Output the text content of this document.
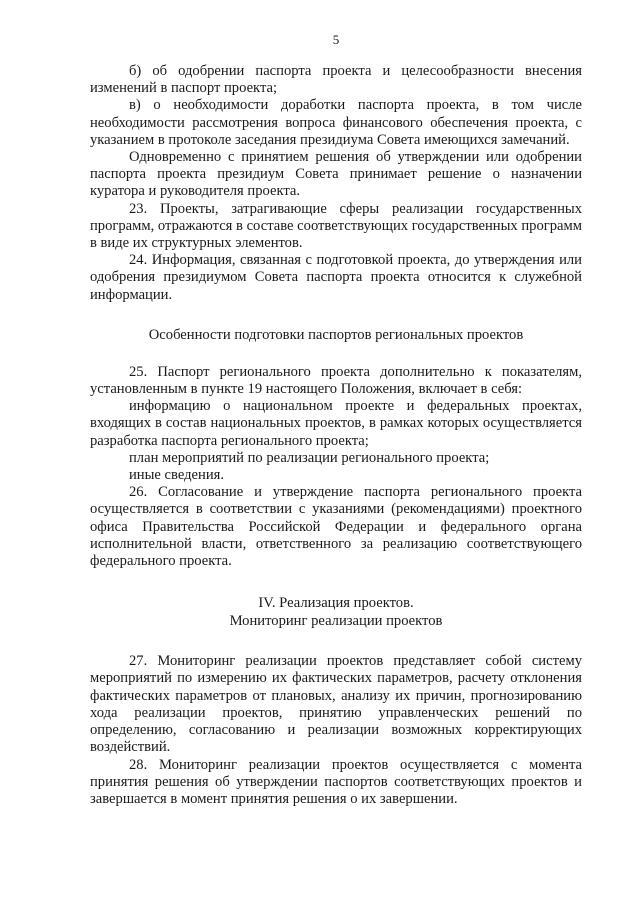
5

б) об одобрении паспорта проекта и целесообразности внесения изменений в паспорт проекта;

в) о необходимости доработки паспорта проекта, в том числе необходимости рассмотрения вопроса финансового обеспечения проекта, с указанием в протоколе заседания президиума Совета имеющихся замечаний.

Одновременно с принятием решения об утверждении или одобрении паспорта проекта президиум Совета принимает решение о назначении куратора и руководителя проекта.

23. Проекты, затрагивающие сферы реализации государственных программ, отражаются в составе соответствующих государственных программ в виде их структурных элементов.

24. Информация, связанная с подготовкой проекта, до утверждения или одобрения президиумом Совета паспорта проекта относится к служебной информации.

Особенности подготовки паспортов региональных проектов

25. Паспорт регионального проекта дополнительно к показателям, установленным в пункте 19 настоящего Положения, включает в себя:

информацию о национальном проекте и федеральных проектах, входящих в состав национальных проектов, в рамках которых осуществляется разработка паспорта регионального проекта;

план мероприятий по реализации регионального проекта;

иные сведения.

26. Согласование и утверждение паспорта регионального проекта осуществляется в соответствии с указаниями (рекомендациями) проектного офиса Правительства Российской Федерации и федерального органа исполнительной власти, ответственного за реализацию соответствующего федерального проекта.

IV. Реализация проектов.
Мониторинг реализации проектов

27. Мониторинг реализации проектов представляет собой систему мероприятий по измерению их фактических параметров, расчету отклонения фактических параметров от плановых, анализу их причин, прогнозированию хода реализации проектов, принятию управленческих решений по определению, согласованию и реализации возможных корректирующих воздействий.

28. Мониторинг реализации проектов осуществляется с момента принятия решения об утверждении паспортов соответствующих проектов и завершается в момент принятия решения о их завершении.
